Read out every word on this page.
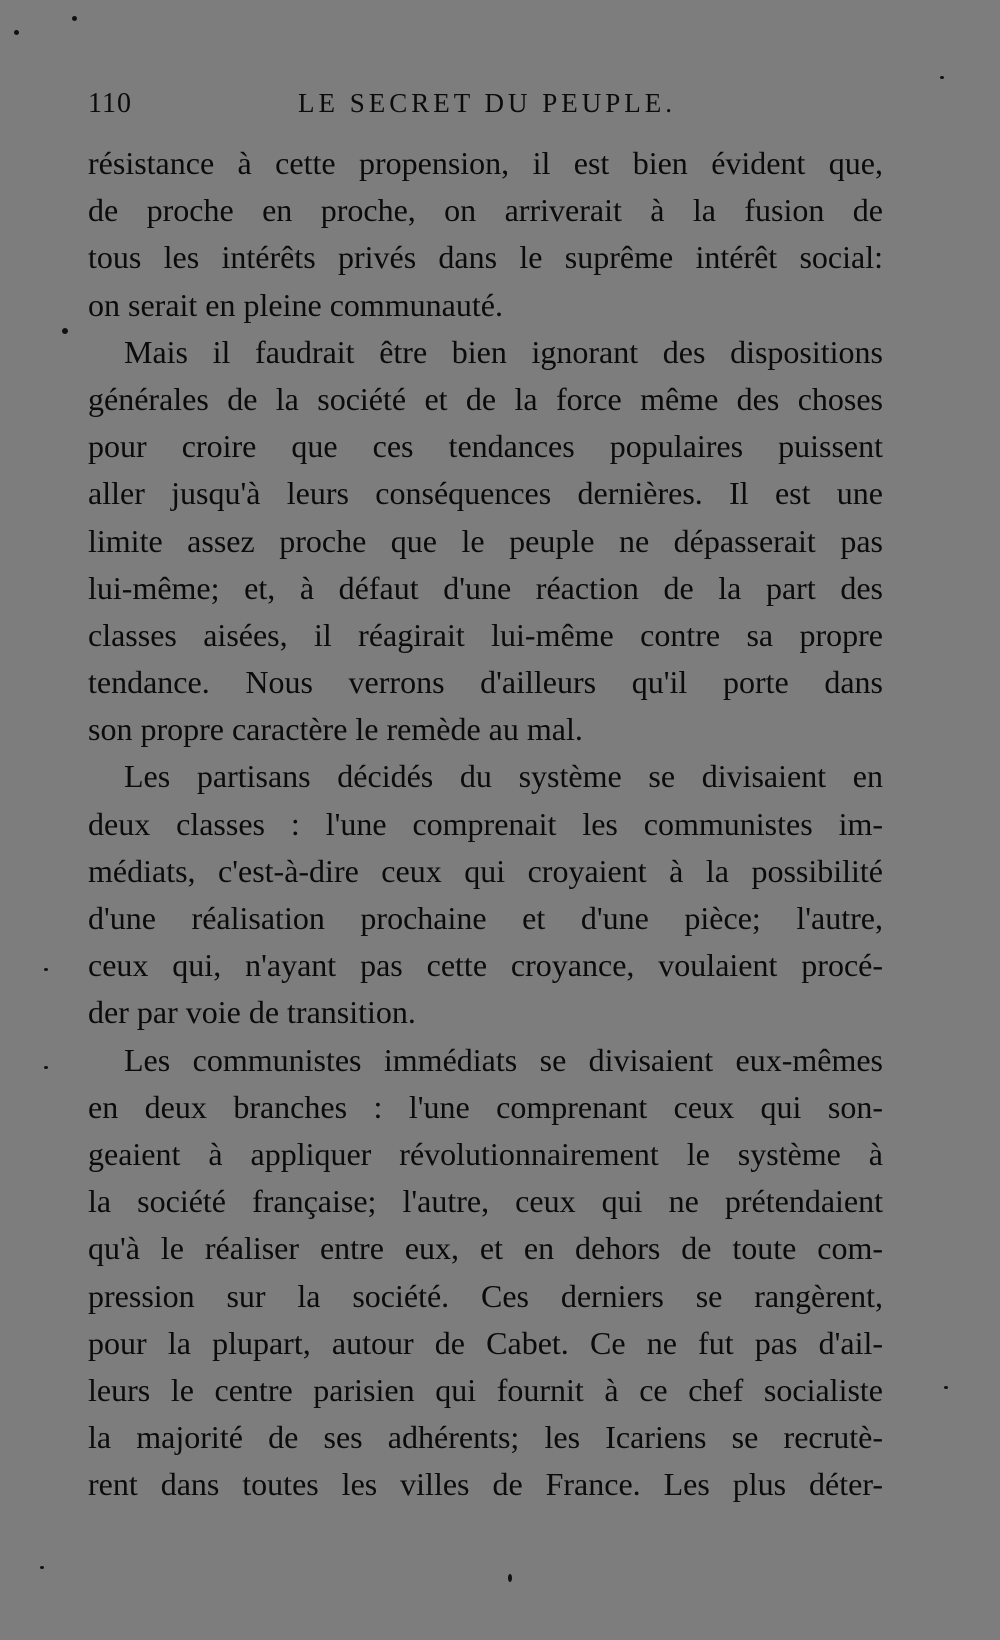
110	LE SECRET DU PEUPLE.
résistance à cette propension, il est bien évident que,
de proche en proche, on arriverait à la fusion de
tous les intérêts privés dans le suprême intérêt social:
on serait en pleine communauté.
Mais il faudrait être bien ignorant des dispositions
générales de la société et de la force même des choses
pour croire que ces tendances populaires puissent
aller jusqu'à leurs conséquences dernières. Il est une
limite assez proche que le peuple ne dépasserait pas
lui-même; et, à défaut d'une réaction de la part des
classes aisées, il réagirait lui-même contre sa propre
tendance. Nous verrons d'ailleurs qu'il porte dans
son propre caractère le remède au mal.
Les partisans décidés du système se divisaient en
deux classes : l'une comprenait les communistes im-
médiats, c'est-à-dire ceux qui croyaient à la possibilité
d'une réalisation prochaine et d'une pièce; l'autre,
ceux qui, n'ayant pas cette croyance, voulaient procé-
der par voie de transition.
Les communistes immédiats se divisaient eux-mêmes
en deux branches : l'une comprenant ceux qui son-
geaient à appliquer révolutionnairement le système à
la société française; l'autre, ceux qui ne prétendaient
qu'à le réaliser entre eux, et en dehors de toute com-
pression sur la société. Ces derniers se rangèrent,
pour la plupart, autour de Cabet. Ce ne fut pas d'ail-
leurs le centre parisien qui fournit à ce chef socialiste
la majorité de ses adhérents; les Icariens se recrutè-
rent dans toutes les villes de France. Les plus déter-
